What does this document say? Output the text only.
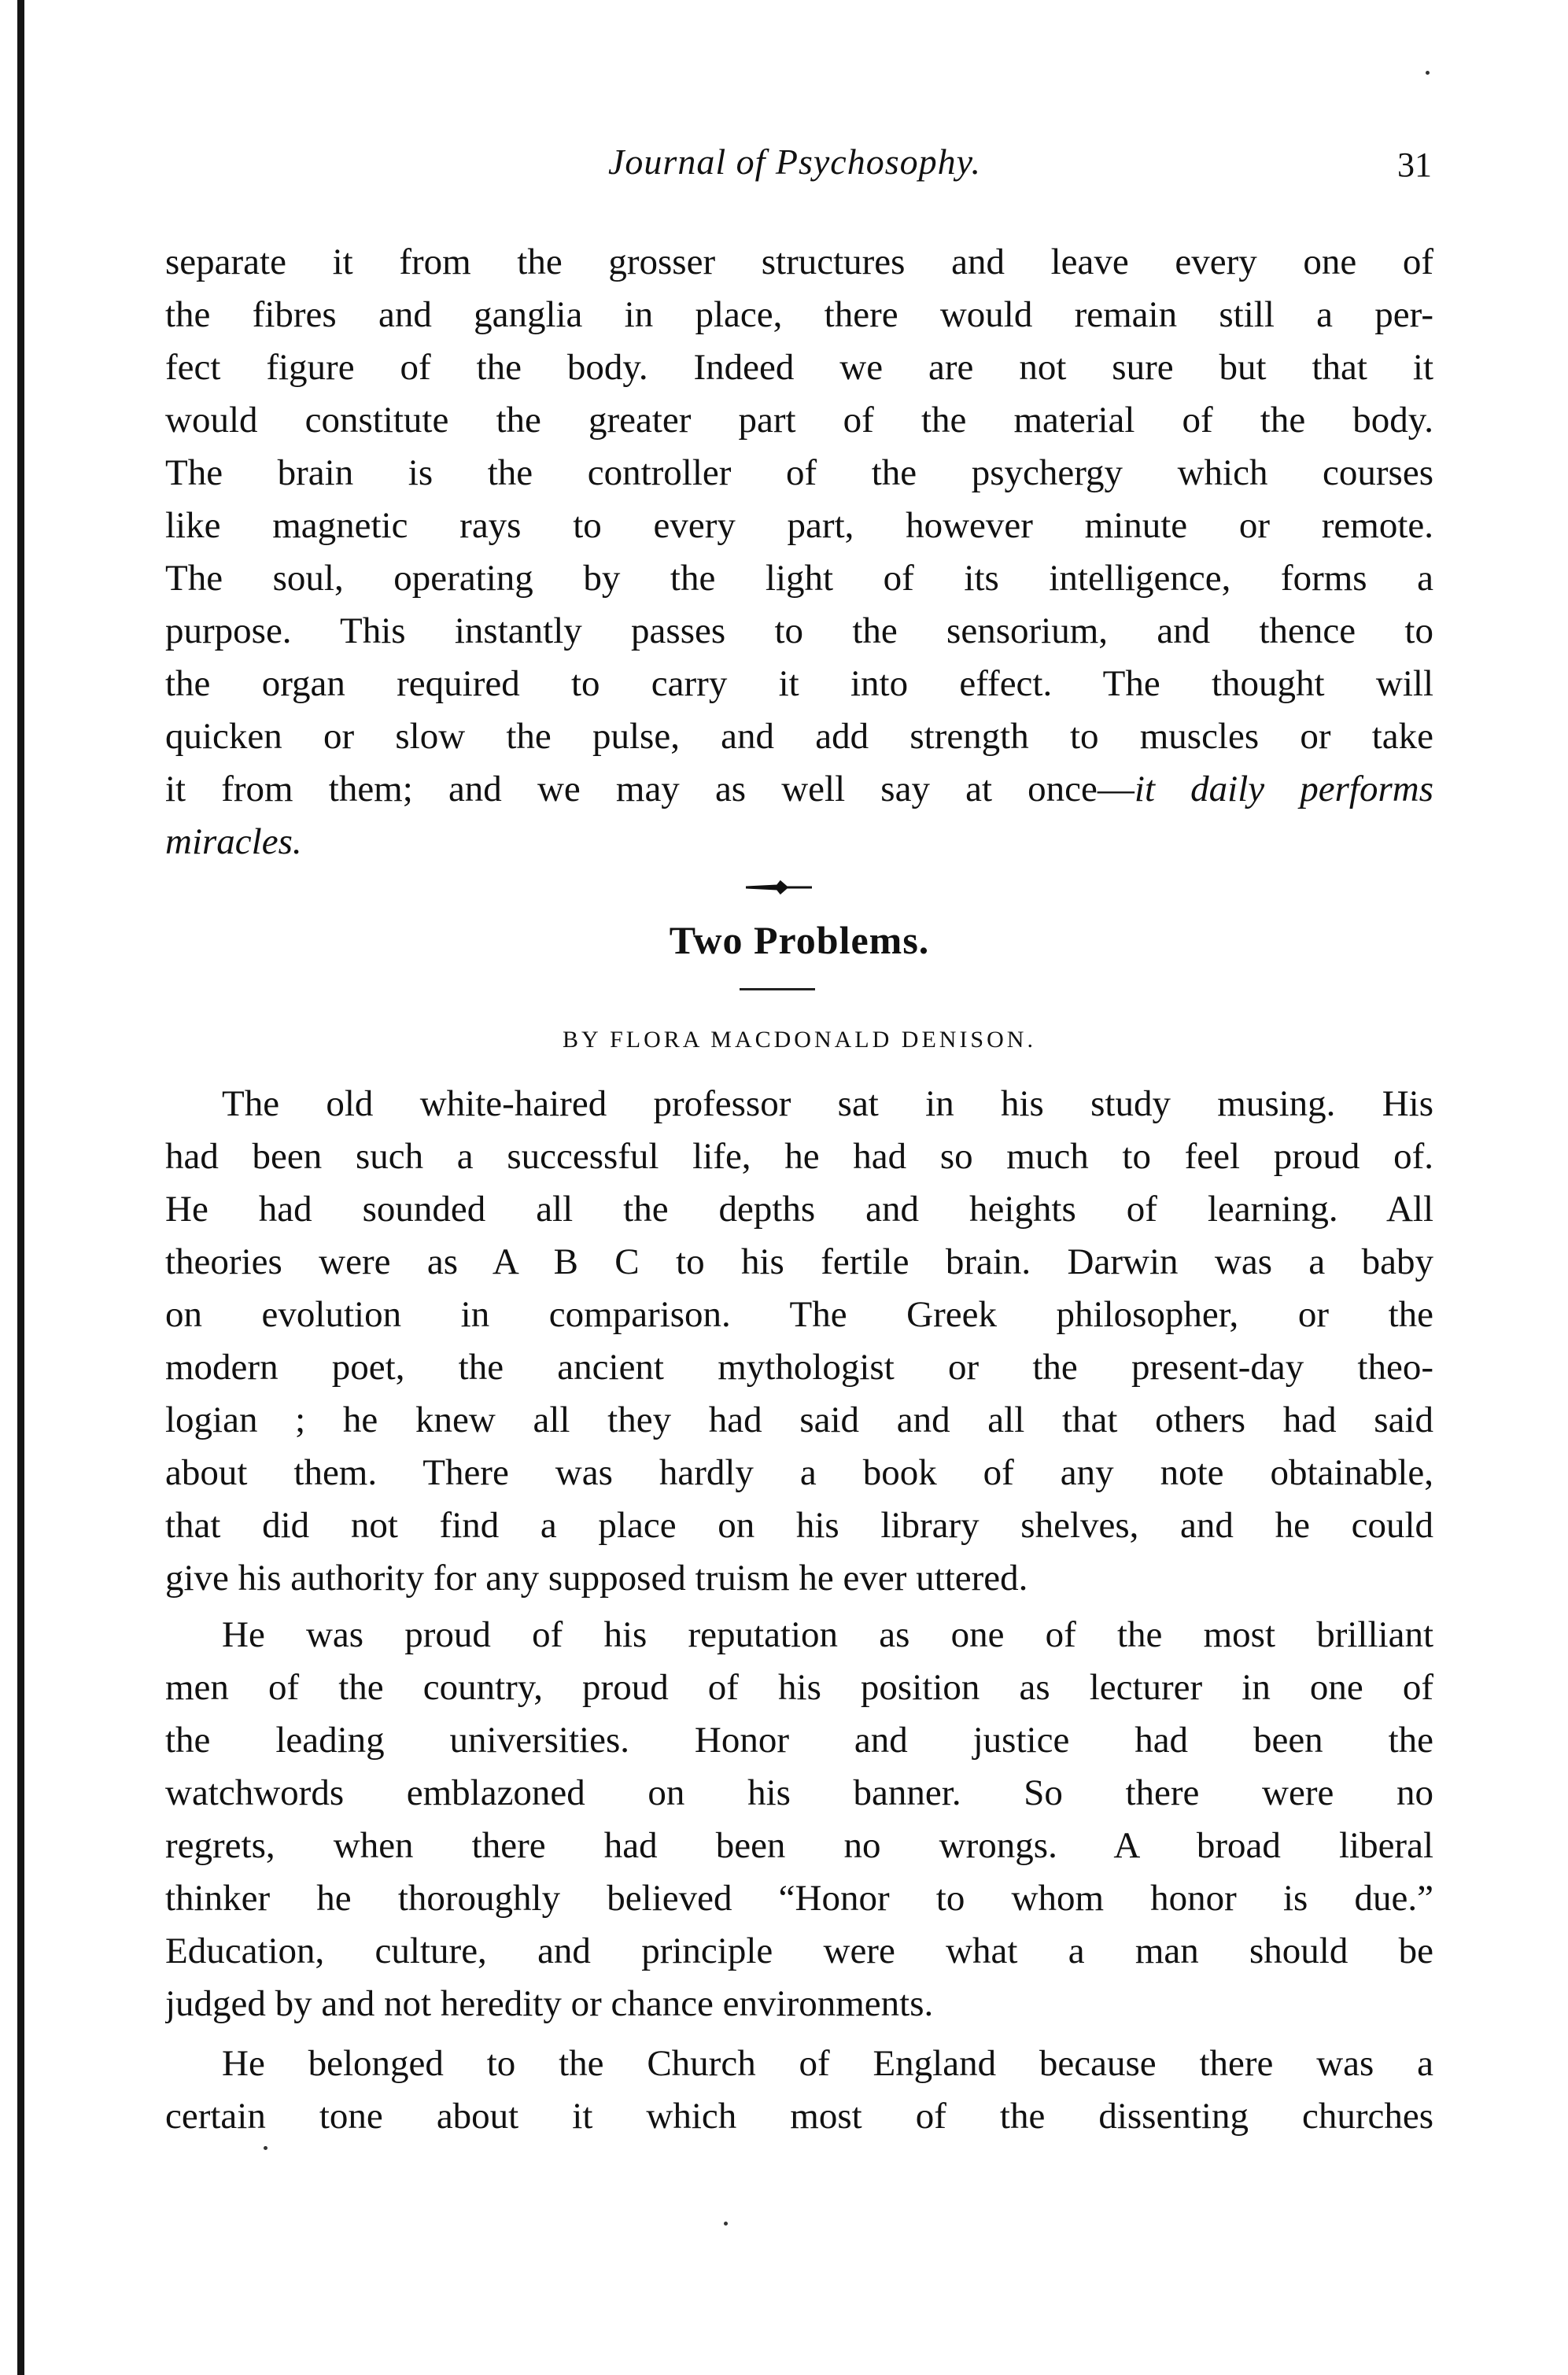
Journal of Psychosophy.	31
separate it from the grosser structures and leave every one of
the fibres and ganglia in place, there would remain still a per-
fect figure of the body. Indeed we are not sure but that it
would constitute the greater part of the material of the body.
The brain is the controller of the psychergy which courses
like magnetic rays to every part, however minute or remote.
The soul, operating by the light of its intelligence, forms a
purpose. This instantly passes to the sensorium, and thence to
the organ required to carry it into effect. The thought will
quicken or slow the pulse, and add strength to muscles or take
it from them; and we may as well say at once—it daily performs
miracles.
Two Problems.
BY FLORA MACDONALD DENISON.
The old white-haired professor sat in his study musing. His
had been such a successful life, he had so much to feel proud of.
He had sounded all the depths and heights of learning. All
theories were as A B C to his fertile brain. Darwin was a baby
on evolution in comparison. The Greek philosopher, or the
modern poet, the ancient mythologist or the present-day theo-
logian ; he knew all they had said and all that others had said
about them. There was hardly a book of any note obtainable,
that did not find a place on his library shelves, and he could
give his authority for any supposed truism he ever uttered.
He was proud of his reputation as one of the most brilliant
men of the country, proud of his position as lecturer in one of
the leading universities. Honor and justice had been the
watchwords emblazoned on his banner. So there were no
regrets, when there had been no wrongs. A broad liberal
thinker he thoroughly believed “Honor to whom honor is due.”
Education, culture, and principle were what a man should be
judged by and not heredity or chance environments.
He belonged to the Church of England because there was a
certain tone about it which most of the dissenting churches
